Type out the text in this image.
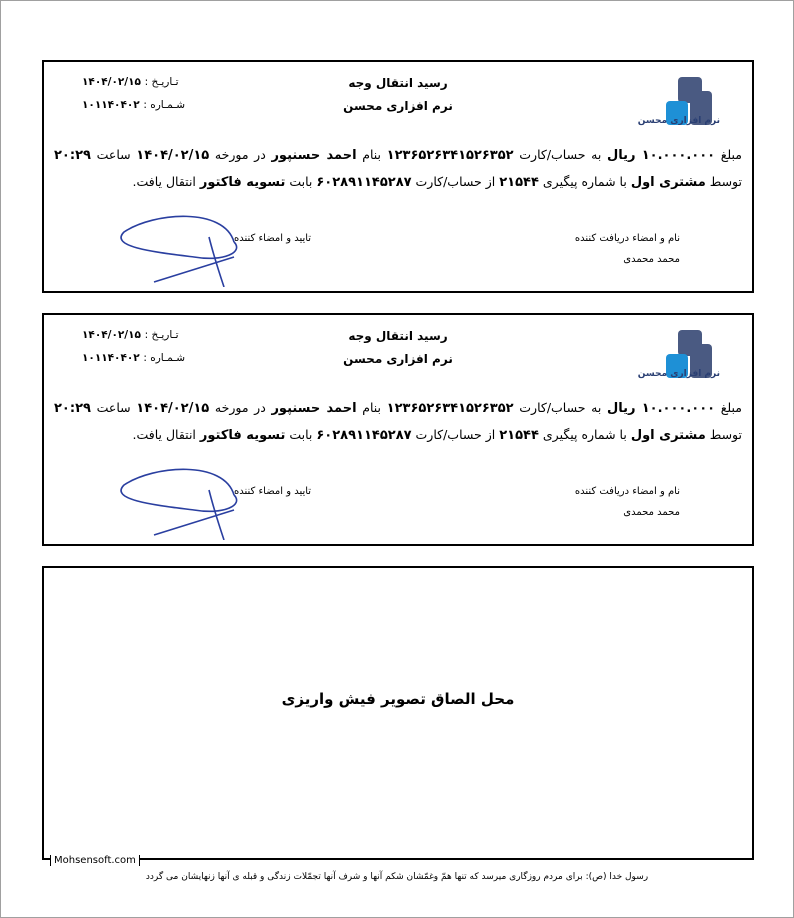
نرم افزاری محسن
رسید انتقال وجه
نرم افزاری محسن
تـاریـخ : ۱۴۰۴/۰۲/۱۵
شـمـاره : ۱۰۱۱۴۰۴۰۲
مبلغ ۱۰.۰۰۰.۰۰۰ ریال به حساب/کارت ۱۲۳۶۵۲۶۳۴۱۵۲۶۳۵۲ بنام احمد حسنپور در مورخه ۱۴۰۴/۰۲/۱۵ ساعت ۲۰:۲۹ توسط مشتری اول با شماره پیگیری ۲۱۵۴۴ از حساب/کارت ۶۰۲۸۹۱۱۴۵۲۸۷ بابت تسویه فاکتور انتقال یافت.
تایید و امضاء کننده	نام و امضاء دریافت کننده
محمد محمدی
نرم افزاری محسن
رسید انتقال وجه
نرم افزاری محسن
تـاریـخ : ۱۴۰۴/۰۲/۱۵
شـمـاره : ۱۰۱۱۴۰۴۰۲
مبلغ ۱۰.۰۰۰.۰۰۰ ریال به حساب/کارت ۱۲۳۶۵۲۶۳۴۱۵۲۶۳۵۲ بنام احمد حسنپور در مورخه ۱۴۰۴/۰۲/۱۵ ساعت ۲۰:۲۹ توسط مشتری اول با شماره پیگیری ۲۱۵۴۴ از حساب/کارت ۶۰۲۸۹۱۱۴۵۲۸۷ بابت تسویه فاکتور انتقال یافت.
تایید و امضاء کننده	نام و امضاء دریافت کننده
محمد محمدی
محل الصاق تصویر فیش واریزی
Mohsensoft.com
رسول خدا (ص): برای مردم روزگاری میرسد که تنها همّ وغمّشان شکم آنها و شرف آنها تجمّلات زندگی و قبله ی آنها زنهایشان می گردد
